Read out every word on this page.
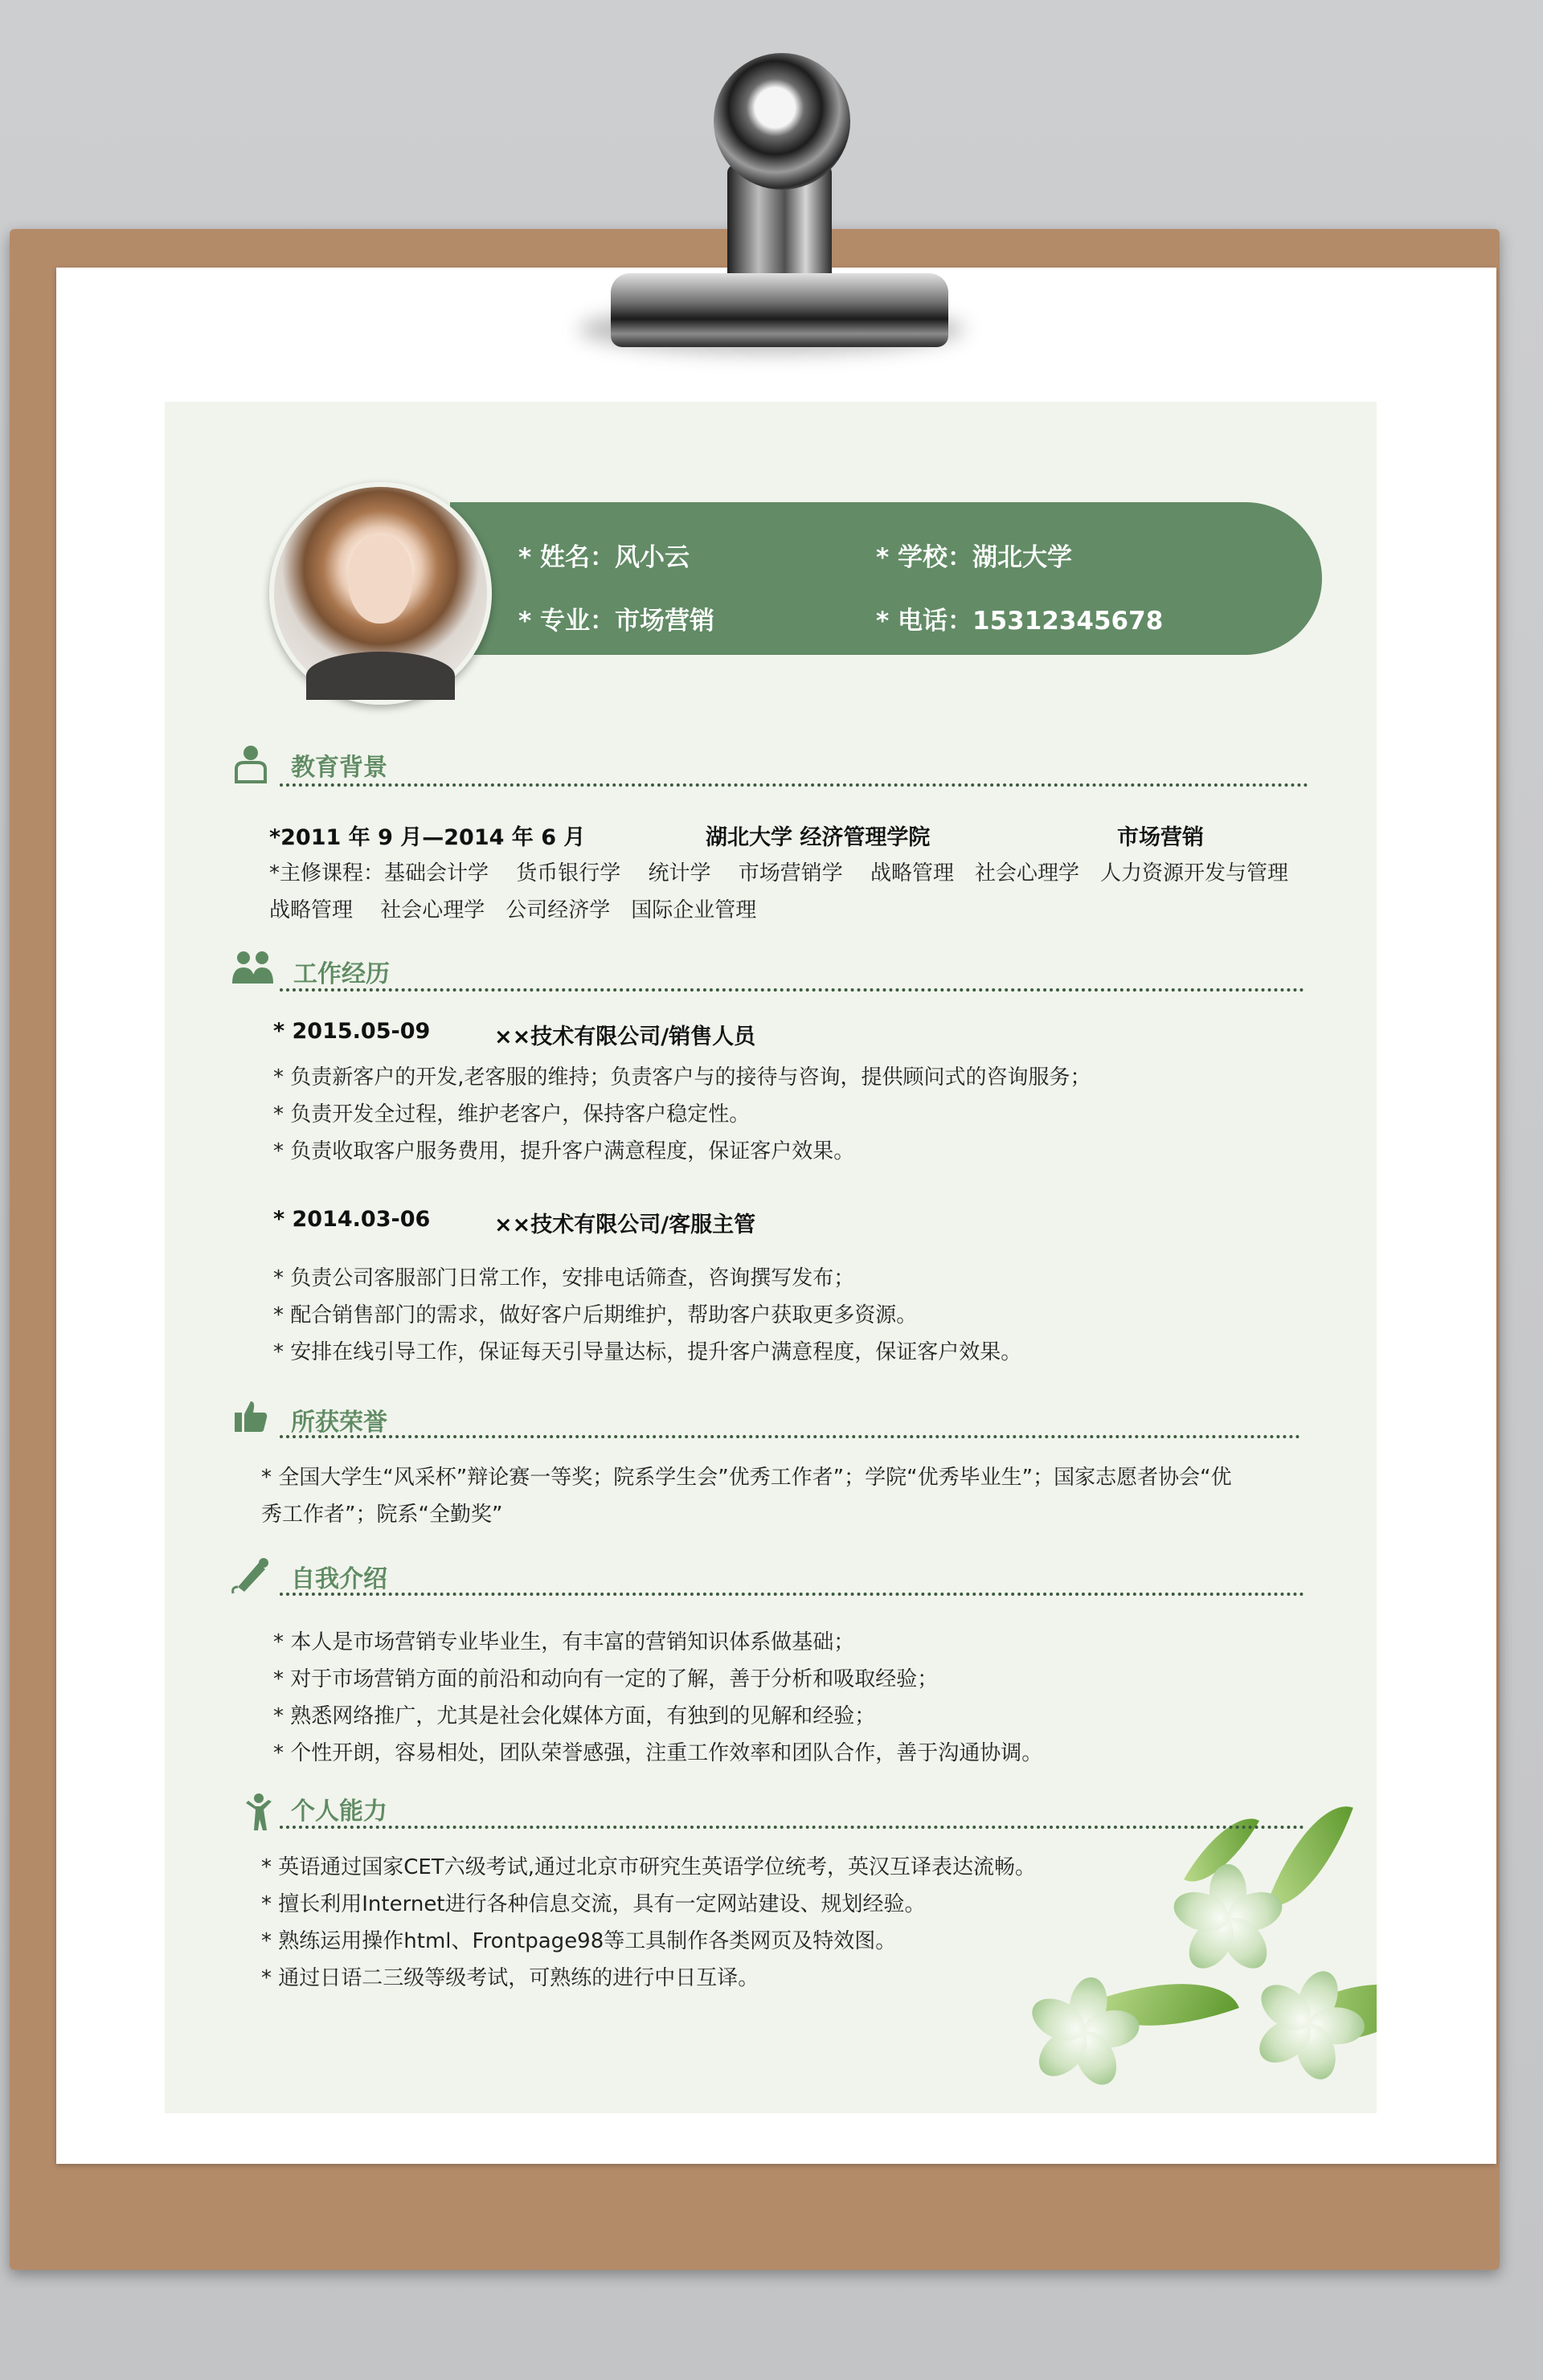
* 姓名：风小云	* 学校：湖北大学
* 专业：市场营销	* 电话：15312345678
教育背景
*2011 年 9 月—2014 年 6 月	湖北大学 经济管理学院	市场营销
*主修课程：基础会计学　 货币银行学　 统计学　 市场营销学　 战略管理　社会心理学　人力资源开发与管理
战略管理　 社会心理学　公司经济学　国际企业管理
工作经历
* 2015.05-09	××技术有限公司/销售人员
* 负责新客户的开发,老客服的维持；负责客户与的接待与咨询，提供顾问式的咨询服务；
* 负责开发全过程，维护老客户，保持客户稳定性。
* 负责收取客户服务费用，提升客户满意程度，保证客户效果。
* 2014.03-06	××技术有限公司/客服主管
* 负责公司客服部门日常工作，安排电话筛查，咨询撰写发布；
* 配合销售部门的需求，做好客户后期维护，帮助客户获取更多资源。
* 安排在线引导工作，保证每天引导量达标，提升客户满意程度，保证客户效果。
所获荣誉
* 全国大学生“风采杯”辩论赛一等奖；院系学生会”优秀工作者”；学院“优秀毕业生”；国家志愿者协会“优
秀工作者”；院系“全勤奖”
自我介绍
* 本人是市场营销专业毕业生，有丰富的营销知识体系做基础；
* 对于市场营销方面的前沿和动向有一定的了解，善于分析和吸取经验；
* 熟悉网络推广，尤其是社会化媒体方面，有独到的见解和经验；
* 个性开朗，容易相处，团队荣誉感强，注重工作效率和团队合作，善于沟通协调。
个人能力
* 英语通过国家CET六级考试,通过北京市研究生英语学位统考，英汉互译表达流畅。
* 擅长利用Internet进行各种信息交流，具有一定网站建设、规划经验。
* 熟练运用操作html、Frontpage98等工具制作各类网页及特效图。
* 通过日语二三级等级考试，可熟练的进行中日互译。
